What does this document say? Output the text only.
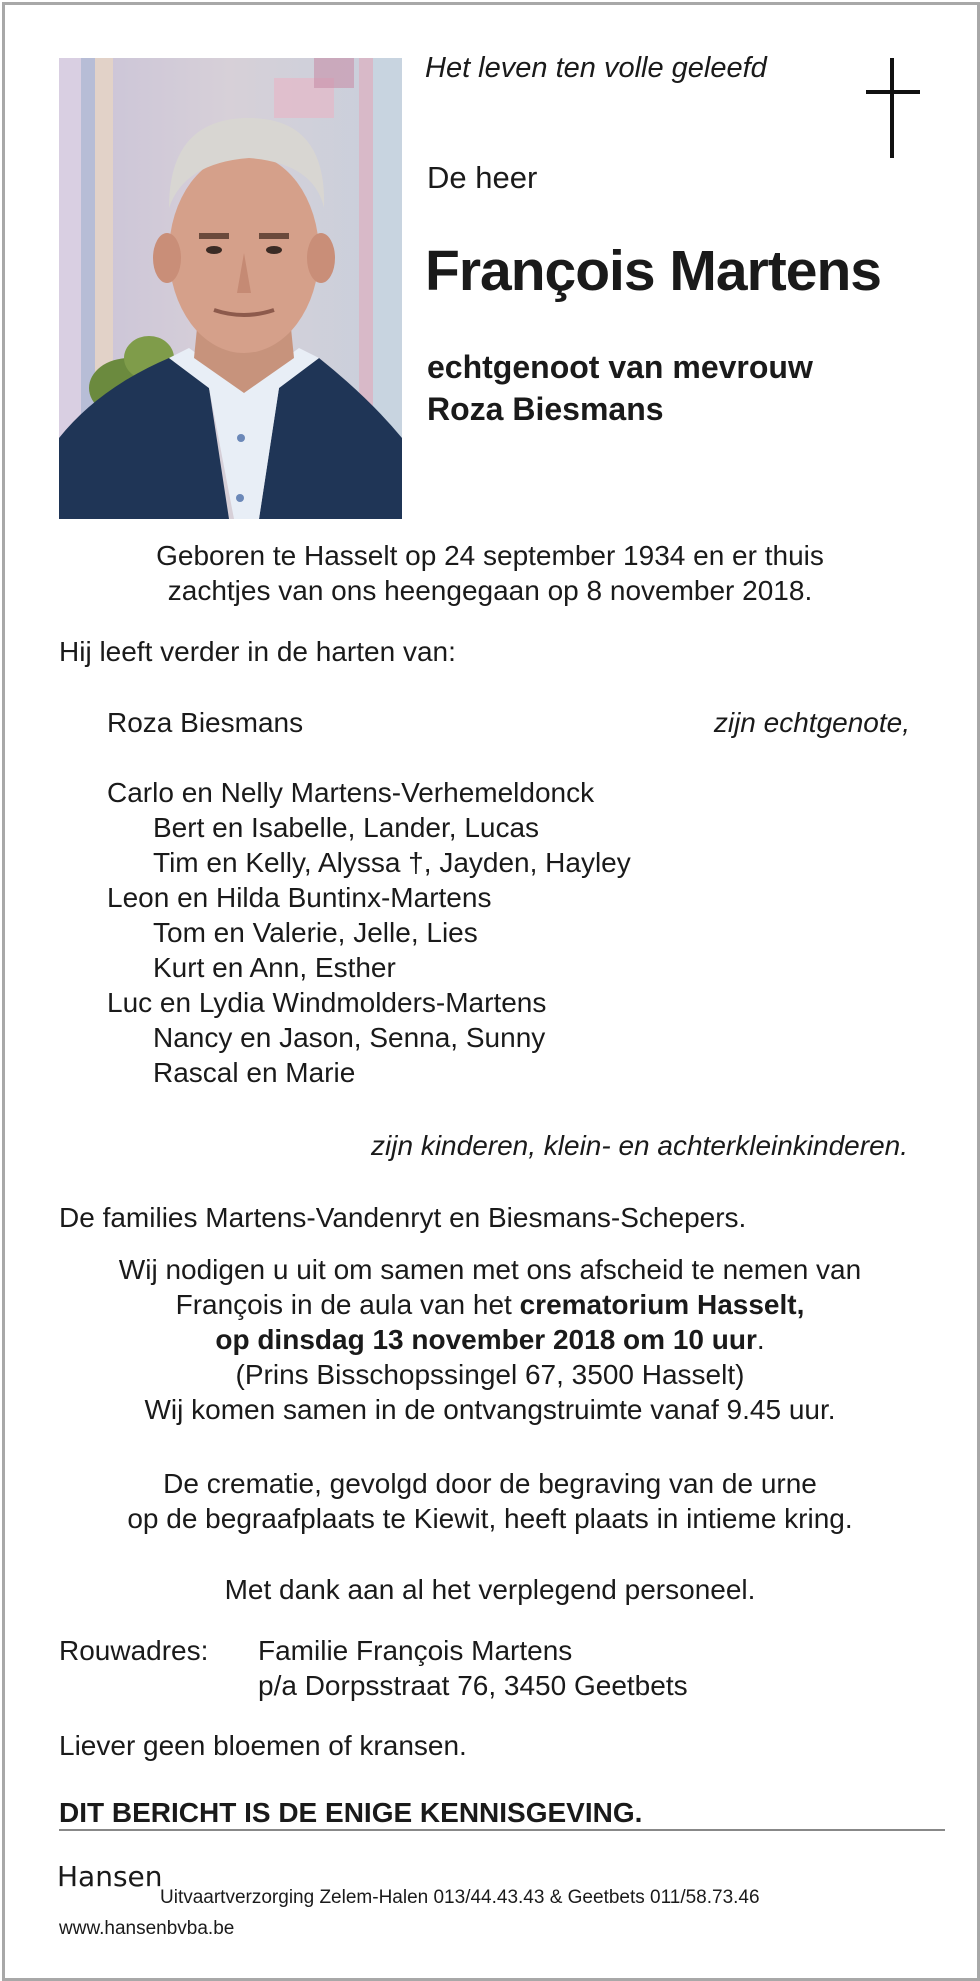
Het leven ten volle geleefd
De heer
François Martens
echtgenoot van mevrouw
Roza Biesmans
Geboren te Hasselt op 24 september 1934 en er thuis
zachtjes van ons heengegaan op 8 november 2018.
Hij leeft verder in de harten van:
Roza Biesmans	zijn echtgenote,
Carlo en Nelly Martens-Verhemeldonck
Bert en Isabelle, Lander, Lucas
Tim en Kelly, Alyssa †, Jayden, Hayley
Leon en Hilda Buntinx-Martens
Tom en Valerie, Jelle, Lies
Kurt en Ann, Esther
Luc en Lydia Windmolders-Martens
Nancy en Jason, Senna, Sunny
Rascal en Marie
zijn kinderen, klein- en achterkleinkinderen.
De families Martens-Vandenryt en Biesmans-Schepers.
Wij nodigen u uit om samen met ons afscheid te nemen van
François in de aula van het crematorium Hasselt,
op dinsdag 13 november 2018 om 10 uur.
(Prins Bisschopssingel 67, 3500 Hasselt)
Wij komen samen in de ontvangstruimte vanaf 9.45 uur.
De crematie, gevolgd door de begraving van de urne
op de begraafplaats te Kiewit, heeft plaats in intieme kring.
Met dank aan al het verplegend personeel.
Rouwadres: Familie François Martens
p/a Dorpsstraat 76, 3450 Geetbets
Liever geen bloemen of kransen.
DIT BERICHT IS DE ENIGE KENNISGEVING.
Hansen
Uitvaartverzorging Zelem-Halen 013/44.43.43 & Geetbets 011/58.73.46
www.hansenbvba.be
